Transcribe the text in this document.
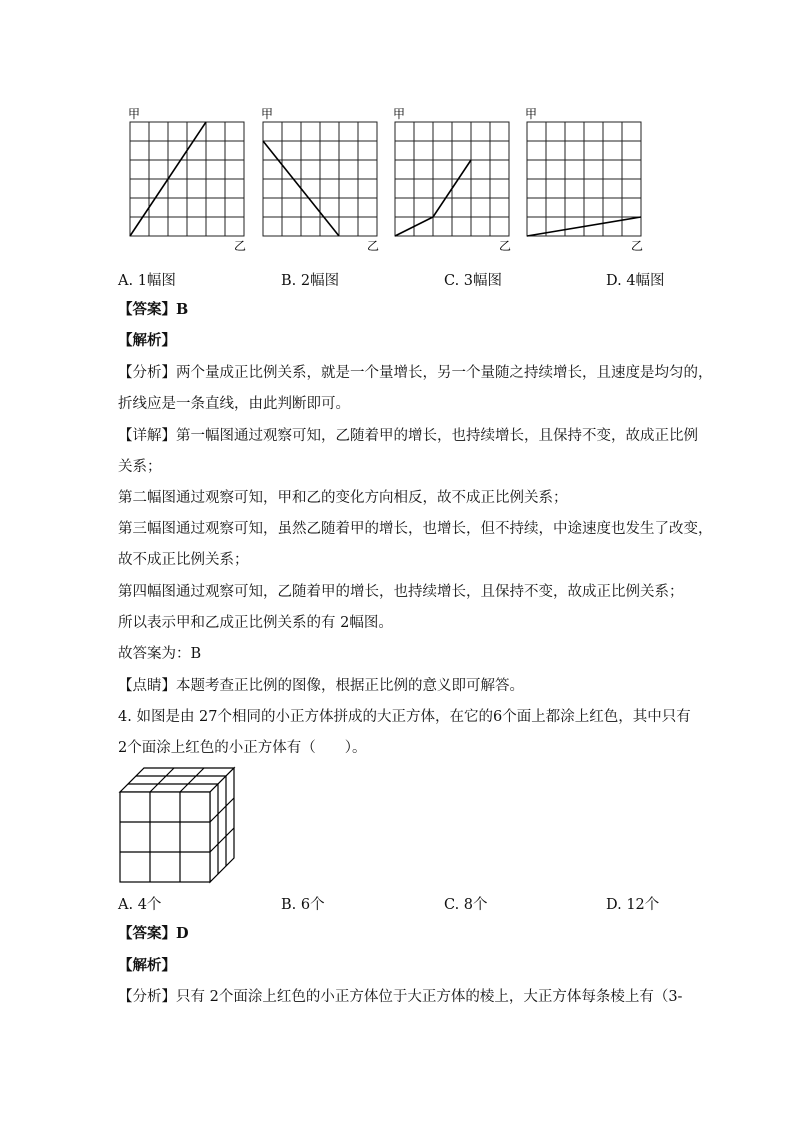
甲
乙
甲
乙
甲
乙
甲
乙
A. 1幅图	B. 2幅图	C. 3幅图	D. 4幅图
【答案】B
【解析】
【分析】两个量成正比例关系，就是一个量增长，另一个量随之持续增长，且速度是均匀的，
折线应是一条直线，由此判断即可。
【详解】第一幅图通过观察可知，乙随着甲的增长，也持续增长，且保持不变，故成正比例
关系；
第二幅图通过观察可知，甲和乙的变化方向相反，故不成正比例关系；
第三幅图通过观察可知，虽然乙随着甲的增长，也增长，但不持续，中途速度也发生了改变，
故不成正比例关系；
第四幅图通过观察可知，乙随着甲的增长，也持续增长，且保持不变，故成正比例关系；
所以表示甲和乙成正比例关系的有 2幅图。
故答案为：B
【点睛】本题考查正比例的图像，根据正比例的意义即可解答。
4. 如图是由 27个相同的小正方体拼成的大正方体，在它的6个面上都涂上红色，其中只有
2个面涂上红色的小正方体有（　　）。
A. 4个	B. 6个	C. 8个	D. 12个
【答案】D
【解析】
【分析】只有 2个面涂上红色的小正方体位于大正方体的棱上，大正方体每条棱上有（3-
